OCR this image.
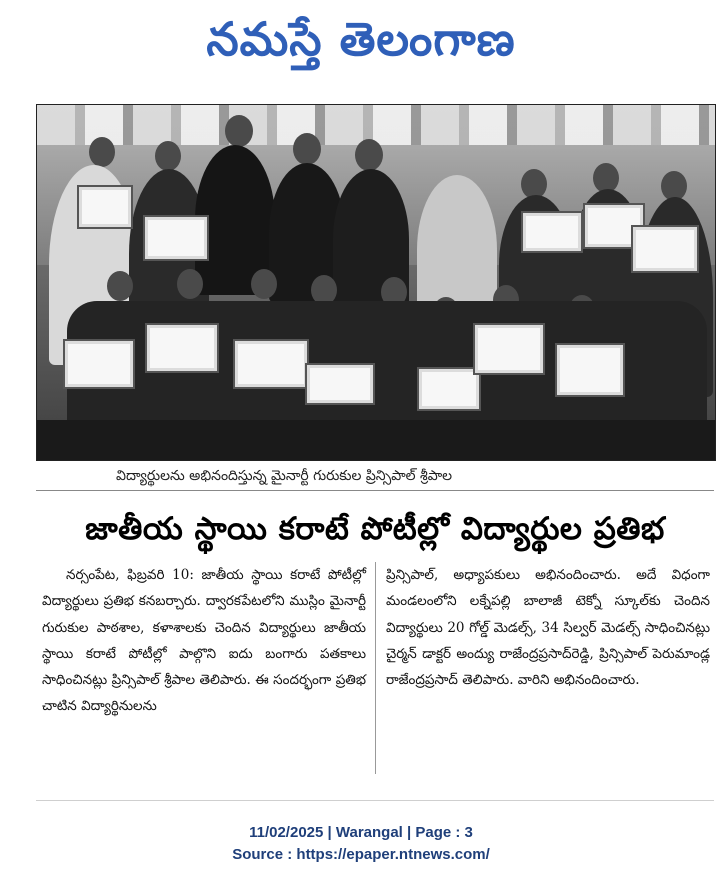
నమస్తే తెలంగాణ
విద్యార్థులను అభినందిస్తున్న మైనార్టీ గురుకుల ప్రిన్సిపాల్ శ్రీపాల
జాతీయ స్థాయి కరాటే పోటీల్లో విద్యార్థుల ప్రతిభ
నర్సంపేట, ఫిబ్రవరి 10: జాతీయ స్థాయి కరాటే పోటీల్లో విద్యార్థులు ప్రతిభ కనబర్చారు. ద్వారకపేటలోని ముస్లిం మైనార్టీ గురుకుల పాఠశాల, కళాశాలకు చెందిన విద్యార్థులు జాతీయ స్థాయి కరాటే పోటీల్లో పాల్గొని ఐదు బంగారు పతకాలు సాధించినట్లు ప్రిన్సిపాల్ శ్రీపాల తెలిపారు. ఈ సందర్భంగా ప్రతిభ చాటిన విద్యార్థినులను
ప్రిన్సిపాల్, అధ్యాపకులు అభినందించారు. అదే విధంగా మండలంలోని లక్నేపల్లి బాలాజీ టెక్నో స్కూల్‌కు చెందిన విద్యార్థులు 20 గోల్డ్ మెడల్స్, 34 సిల్వర్ మెడల్స్ సాధించినట్లు చైర్మన్ డాక్టర్ అంద్యు రాజేంద్రప్రసాద్‌రెడ్డి, ప్రిన్సిపాల్ పెరుమాండ్ల రాజేంద్రప్రసాద్ తెలిపారు. వారిని అభినందించారు.
11/02/2025 | Warangal | Page : 3
Source : https://epaper.ntnews.com/
